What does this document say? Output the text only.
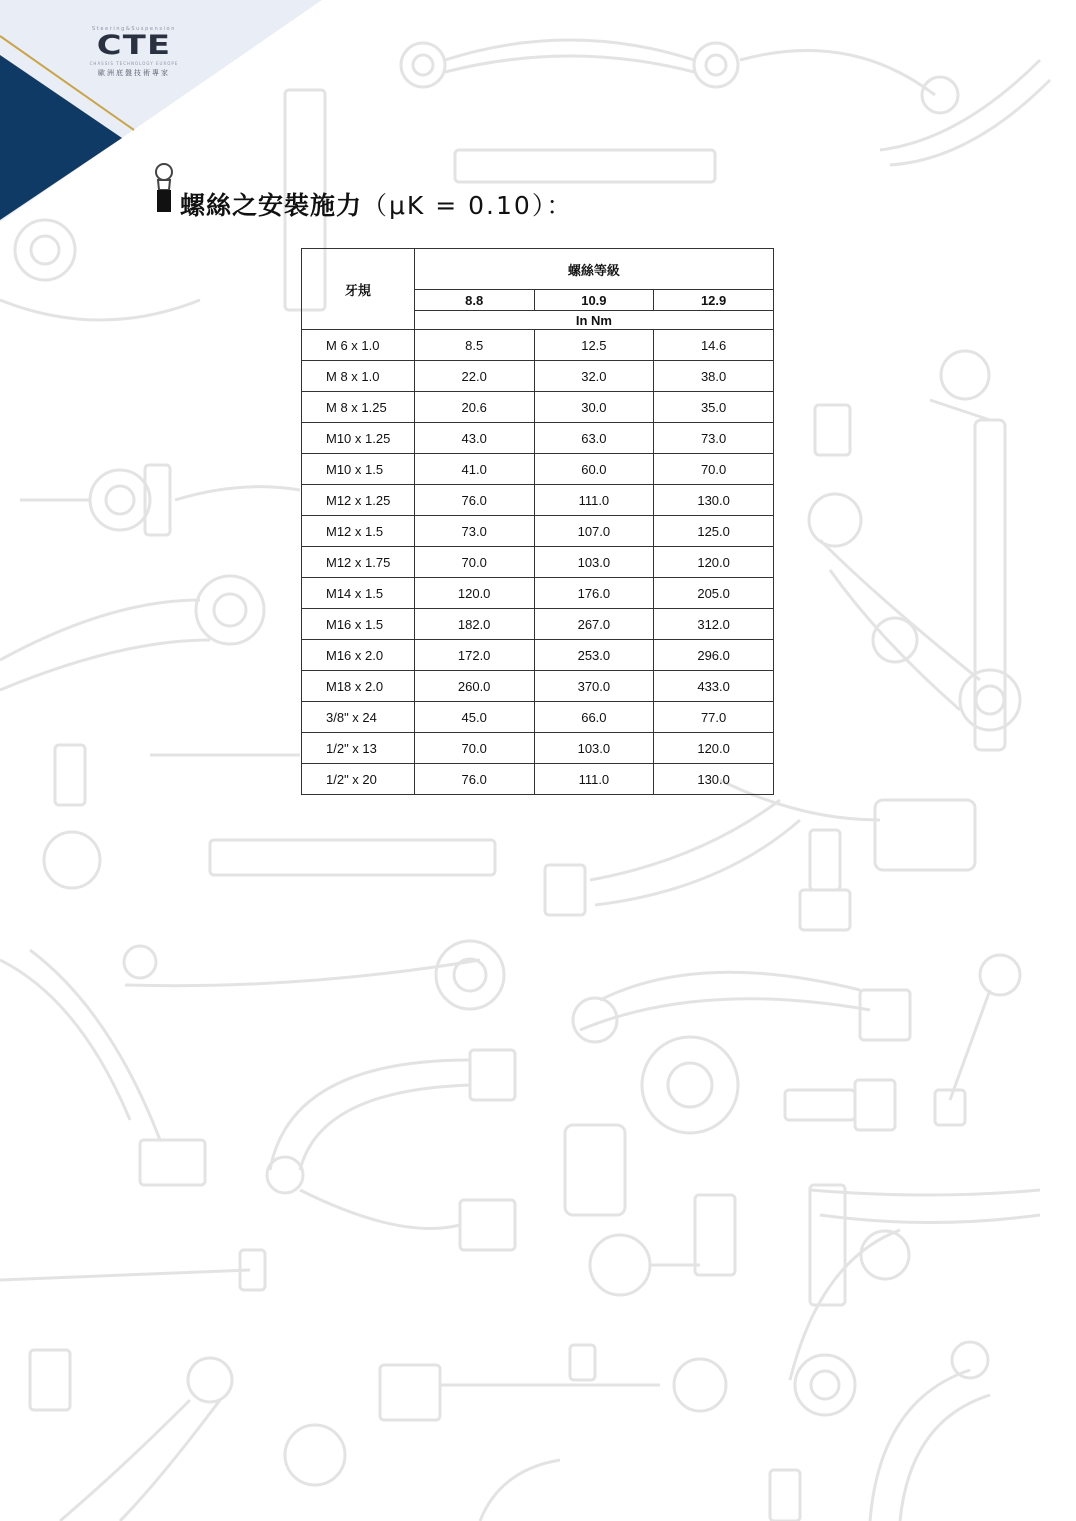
Steering&Suspension
CTE
CHASSIS TECHNOLOGY EUROPE
歐洲底盤技術專家
螺絲之安裝施力（μK = 0.10）：
牙規	螺絲等級		
	8.8	10.9	12.9
	In Nm		
M 6 x 1.0	8.5	12.5	14.6
M 8 x 1.0	22.0	32.0	38.0
M 8 x 1.25	20.6	30.0	35.0
M10 x 1.25	43.0	63.0	73.0
M10 x 1.5	41.0	60.0	70.0
M12 x 1.25	76.0	111.0	130.0
M12 x 1.5	73.0	107.0	125.0
M12 x 1.75	70.0	103.0	120.0
M14 x 1.5	120.0	176.0	205.0
M16 x 1.5	182.0	267.0	312.0
M16 x 2.0	172.0	253.0	296.0
M18 x 2.0	260.0	370.0	433.0
3/8" x 24	45.0	66.0	77.0
1/2" x 13	70.0	103.0	120.0
1/2" x 20	76.0	111.0	130.0
